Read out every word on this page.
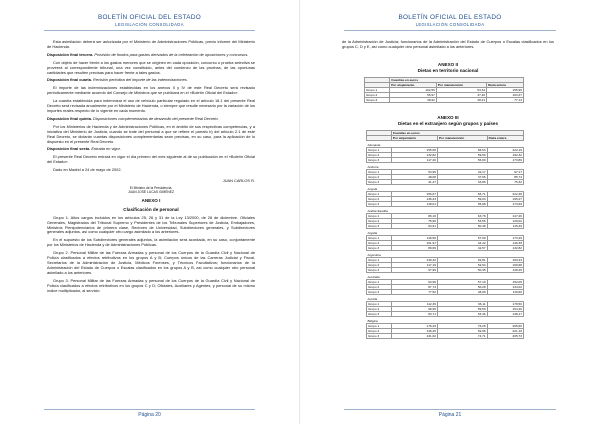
BOLETÍN OFICIAL DEL ESTADO
LEGISLACIÓN CONSOLIDADA

Esta asimilación deberá ser autorizada por el Ministerio de Administraciones Públicas, previo informe del Ministerio de Hacienda.

Disposición final tercera. Provisión de fondos para gastos derivados de la celebración de oposiciones y concursos.

Con objeto de hacer frente a los gastos menores que se originen en cada oposición, concurso o prueba selectiva se proveerá al correspondiente tribunal, una vez constituido, antes del comienzo de las pruebas, de las oportunas cantidades que resulten precisas para hacer frente a tales gastos.

Disposición final cuarta. Revisión periódica del importe de las indemnizaciones.

El importe de las indemnizaciones establecidas en los anexos II y IV de este Real Decreto será revisado periódicamente mediante acuerdo del Consejo de Ministros que se publicará en el «Boletín Oficial del Estado».

La cuantía establecida para indemnizar el uso de vehículo particular regulado en el artículo 18.1 del presente Real Decreto será revisada anualmente por el Ministerio de Hacienda, o siempre que resulte necesario por la variación de los importes reales respecto de lo vigente en cada momento.

Disposición final quinta. Disposiciones complementarias de desarrollo del presente Real Decreto.

Por los Ministerios de Hacienda y de Administraciones Públicas, en el ámbito de sus respectivas competencias, y a iniciativa del Ministerio de Justicia, cuando se trate del personal a que se refiere el párrafo b) del artículo 2.1 de este Real Decreto, se dictarán cuantas disposiciones complementarias sean precisas, en su caso, para la aplicación de lo dispuesto en el presente Real Decreto.

Disposición final sexta. Entrada en vigor.

El presente Real Decreto entrará en vigor el día primero del mes siguiente al de su publicación en el «Boletín Oficial del Estado».

Dado en Madrid a 24 de mayo de 2002.

JUAN CARLOS R.
El Ministro de la Presidencia,
JUAN JOSÉ LUCAS GIMÉNEZ
ANEXO I
Clasificación de personal

Grupo 1. Altos cargos incluidos en los artículos 25, 26 y 31 de la Ley 13/2000, de 28 de diciembre. Oficiales Generales, Magistrados del Tribunal Supremo y Presidentes de los Tribunales Superiores de Justicia, Embajadores, Ministros Plenipotenciarios de primera clase, Rectores de Universidad, Subdirectores generales, y Subdirectores generales adjuntos, así como cualquier otro cargo asimilado a los anteriores.

En el supuesto de los Subdirectores generales adjuntos, la asimilación será acordada, en su caso, conjuntamente por los Ministerios de Hacienda y de Administraciones Públicas.

Grupo 2. Personal Militar de las Fuerzas Armadas y personal de los Cuerpos de la Guardia Civil y Nacional de Policía clasificados a efectos retributivos en los grupos A y B; Cuerpos únicos de las Carreras Judicial y Fiscal, Secretarios de la Administración de Justicia, Médicos Forenses, y Técnicos Facultativos; funcionarios de la Administración del Estado de Cuerpos o Escalas clasificados en los grupos A y B, así como cualquier otro personal asimilado a los anteriores.

Grupo 3. Personal Militar de las Fuerzas Armadas y personal de los Cuerpos de la Guardia Civil y Nacional de Policía clasificados a efectos retributivos en los grupos C y D; Oficiales, Auxiliares y Agentes, y personal de su mismo índice multiplicador, al servicio

Página 20
BOLETÍN OFICIAL DEL ESTADO
LEGISLACIÓN CONSOLIDADA

de la Administración de Justicia; funcionarios de la Administración del Estado de Cuerpos o Escalas clasificados en los grupos C, D y E, así como cualquier otro personal asimilado a los anteriores.

ANEXO II
Dietas en territorio nacional
	Cuantías en euros		
	Por alojamiento	Por manutención	Dieta entera
Grupo 1	102,56	53,34	155,90
Grupo 2	65,97	37,40	103,37
Grupo 3	48,92	28,21	77,13
ANEXO III
Dietas en el extranjero según grupos y países
	Cuantías en euros		
	Por alojamiento	Por manutención	Dieta entera
Alemania			
Grupo 1	155,66	66,53	222,19
Grupo 2	132,82	59,50	192,32
Grupo 3	117,20	56,69	173,89
Andorra			
Grupo 1	54,99	42,17	97,17
Grupo 2	48,08	37,66	85,74
Grupo 3	41,47	33,86	75,32
Angola			
Grupo 1	156,67	65,71	222,38
Grupo 2	136,23	59,03	195,27
Grupo 3	118,01	55,68	173,69
Arabia Saudita			
Grupo 1	86,16	63,76	147,26
Grupo 2	75,90	53,56	129,02
Grupo 3	64,91	50,48	115,39
Argelia			
Grupo 1	116,56	57,09	173,49
Grupo 2	101,97	44,42	146,39
Grupo 3	89,69	42,57	132,82
Argentina			
Grupo 1	130,42	62,81	193,23
Grupo 2	117,19	52,64	169,68
Grupo 3	97,96	50,45	148,45
Australia			
Grupo 1	94,96	57,10	152,06
Grupo 2	87,74	50,28	134,02
Grupo 3	77,52	48,09	119,60
Austria			
Grupo 1	112,39	66,11	178,50
Grupo 2	99,96	59,50	154,40
Grupo 3	84,71	53,46	138,17
Bélgica			
Grupo 1	176,29	76,26	265,66
Grupo 2	146,45	62,96	221,19
Grupo 3	131,02	74,71	205,73
Página 21
